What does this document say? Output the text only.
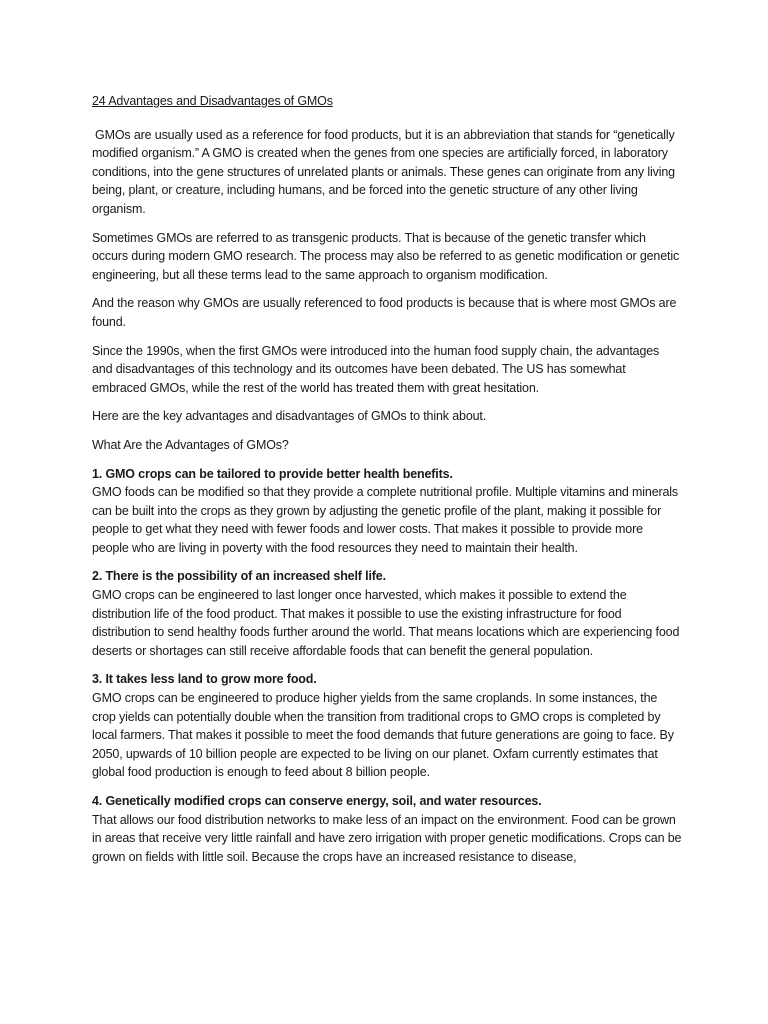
24 Advantages and Disadvantages of GMOs

GMOs are usually used as a reference for food products, but it is an abbreviation that stands for “genetically modified organism.” A GMO is created when the genes from one species are artificially forced, in laboratory conditions, into the gene structures of unrelated plants or animals. These genes can originate from any living being, plant, or creature, including humans, and be forced into the genetic structure of any other living organism.

Sometimes GMOs are referred to as transgenic products. That is because of the genetic transfer which occurs during modern GMO research. The process may also be referred to as genetic modification or genetic engineering, but all these terms lead to the same approach to organism modification.

And the reason why GMOs are usually referenced to food products is because that is where most GMOs are found.

Since the 1990s, when the first GMOs were introduced into the human food supply chain, the advantages and disadvantages of this technology and its outcomes have been debated. The US has somewhat embraced GMOs, while the rest of the world has treated them with great hesitation.

Here are the key advantages and disadvantages of GMOs to think about.

What Are the Advantages of GMOs?

1. GMO crops can be tailored to provide better health benefits.
GMO foods can be modified so that they provide a complete nutritional profile. Multiple vitamins and minerals can be built into the crops as they grown by adjusting the genetic profile of the plant, making it possible for people to get what they need with fewer foods and lower costs. That makes it possible to provide more people who are living in poverty with the food resources they need to maintain their health.
2. There is the possibility of an increased shelf life.
GMO crops can be engineered to last longer once harvested, which makes it possible to extend the distribution life of the food product. That makes it possible to use the existing infrastructure for food distribution to send healthy foods further around the world. That means locations which are experiencing food deserts or shortages can still receive affordable foods that can benefit the general population.
3. It takes less land to grow more food.
GMO crops can be engineered to produce higher yields from the same croplands. In some instances, the crop yields can potentially double when the transition from traditional crops to GMO crops is completed by local farmers. That makes it possible to meet the food demands that future generations are going to face. By 2050, upwards of 10 billion people are expected to be living on our planet. Oxfam currently estimates that global food production is enough to feed about 8 billion people.
4. Genetically modified crops can conserve energy, soil, and water resources.
That allows our food distribution networks to make less of an impact on the environment. Food can be grown in areas that receive very little rainfall and have zero irrigation with proper genetic modifications. Crops can be grown on fields with little soil. Because the crops have an increased resistance to disease,
